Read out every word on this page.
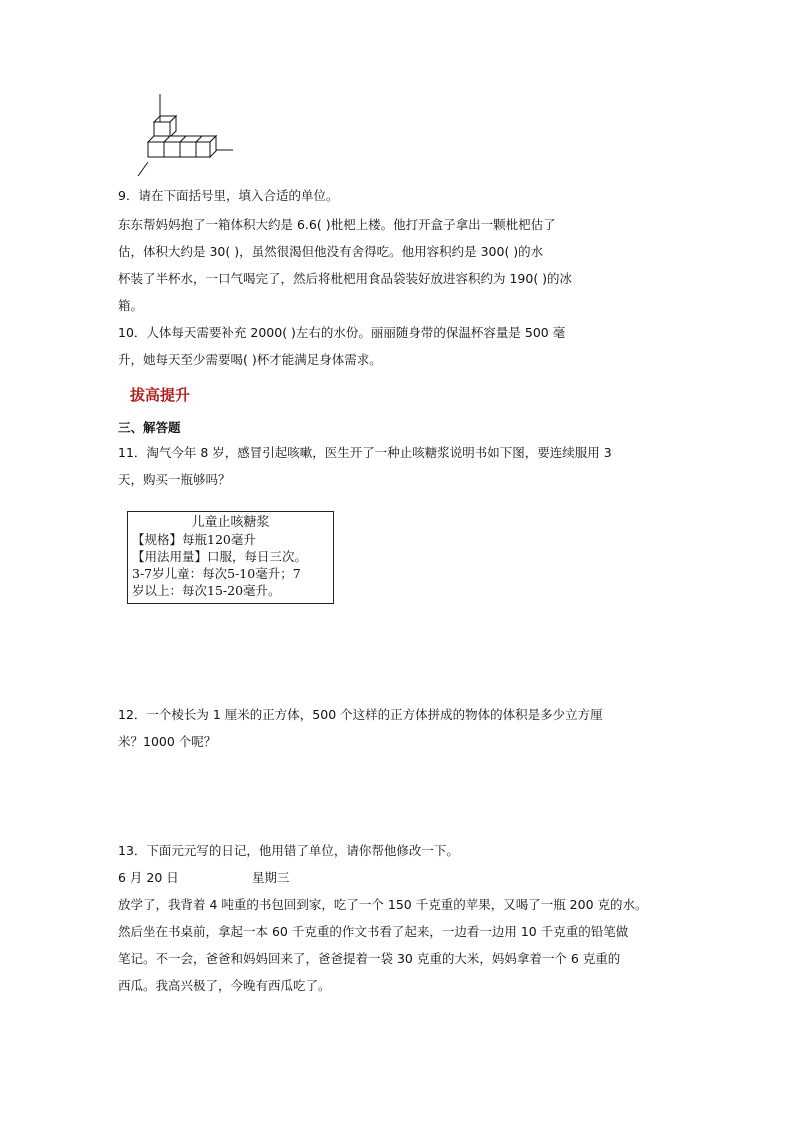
9．请在下面括号里，填入合适的单位。
东东帮妈妈抱了一箱体积大约是 6.6( )枇杷上楼。他打开盒子拿出一颗枇杷估了
估，体积大约是 30( )，虽然很渴但他没有舍得吃。他用容积约是 300( )的水
杯装了半杯水，一口气喝完了，然后将枇杷用食品袋装好放进容积约为 190( )的冰
箱。
10．人体每天需要补充 2000( )左右的水份。丽丽随身带的保温杯容量是 500 毫
升，她每天至少需要喝( )杯才能满足身体需求。
拔高提升
三、解答题
11．淘气今年 8 岁，感冒引起咳嗽，医生开了一种止咳糖浆说明书如下图，要连续服用 3
天，购买一瓶够吗？
儿童止咳糖浆
【规格】每瓶120毫升
【用法用量】口服，每日三次。
3-7岁儿童：每次5-10毫升；7
岁以上：每次15-20毫升。
12．一个棱长为 1 厘米的正方体，500 个这样的正方体拼成的物体的体积是多少立方厘
米？1000 个呢？
13．下面元元写的日记，他用错了单位，请你帮他修改一下。
6 月 20 日	星期三
放学了，我背着 4 吨重的书包回到家，吃了一个 150 千克重的苹果，又喝了一瓶 200 克的水。
然后坐在书桌前，拿起一本 60 千克重的作文书看了起来，一边看一边用 10 千克重的铅笔做
笔记。不一会，爸爸和妈妈回来了，爸爸提着一袋 30 克重的大米，妈妈拿着一个 6 克重的
西瓜。我高兴极了，今晚有西瓜吃了。
